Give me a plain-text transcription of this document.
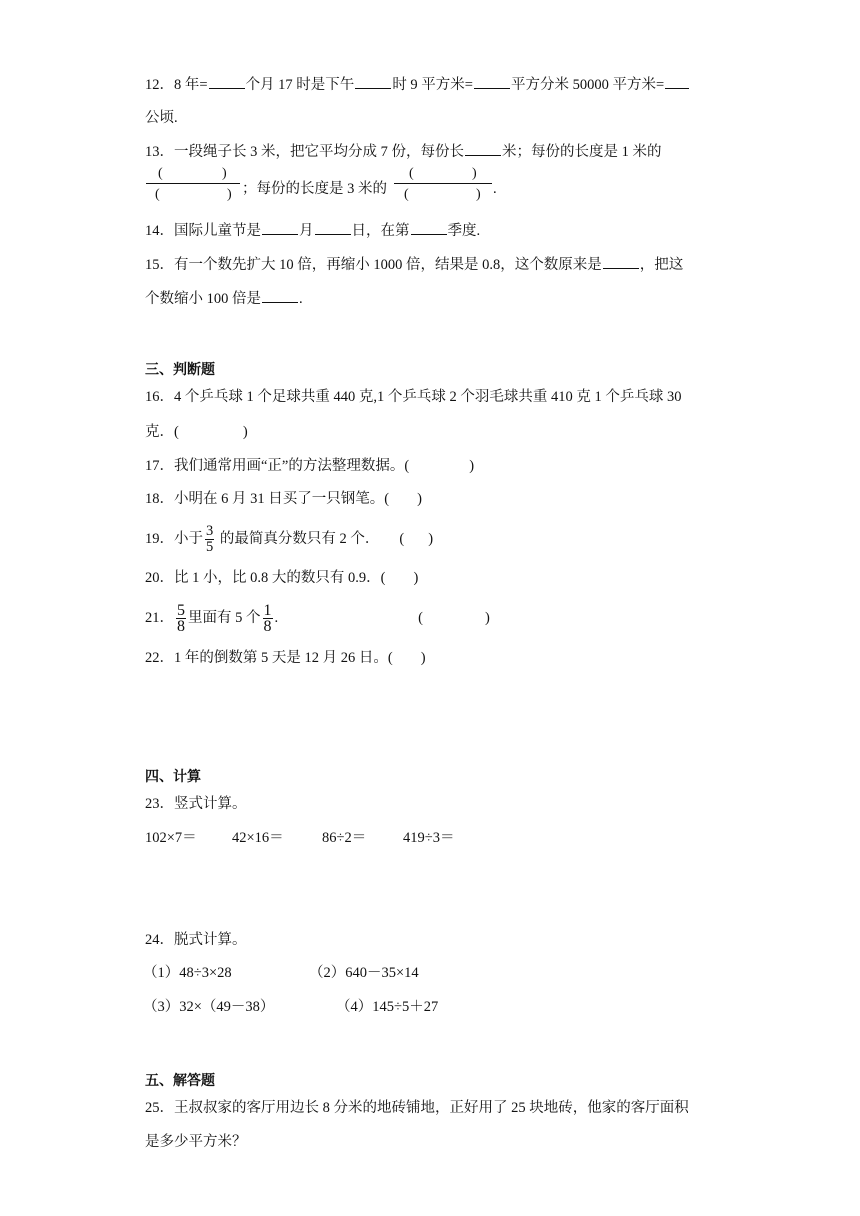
12．8 年=	个月 17 时是下午	时 9 平方米=	平方分米 50000 平方米=
公顷.
13．一段绳子长 3 米，把它平均分成 7 份，每份长	米；每份的长度是 1 米的
(	)
(	) ；每份的长度是 3 米的
(	)
(	) .
14．国际儿童节是	月	日，在第	季度.
15．有一个数先扩大 10 倍，再缩小 1000 倍，结果是 0.8，这个数原来是	，把这
个数缩小 100 倍是	.
三、判断题
16．4 个乒乓球 1 个足球共重 440 克,1 个乒乓球 2 个羽毛球共重 410 克 1 个乒乓球 30
克．(	)
17．我们通常用画“正”的方法整理数据。(	)
18．小明在 6 月 31 日买了一只钢笔。( )
19．小于 $\frac{3}{5}$ 的最简真分数只有 2 个． ( )
20．比 1 小，比 0.8 大的数只有 0.9．( )
21． $\frac{5}{8}$ 里面有 5 个 $\frac{1}{8}$ .	(	)
22．1 年的倒数第 5 天是 12 月 26 日。( )
四、计算
23．竖式计算。
102×7＝ 42×16＝	86÷2＝	419÷3＝
24．脱式计算。
（1）48÷3×28	（2）640－35×14
（3）32×（49－38）	（4）145÷5＋27
五、解答题
25．王叔叔家的客厅用边长 8 分米的地砖铺地，正好用了 25 块地砖，他家的客厅面积
是多少平方米？
